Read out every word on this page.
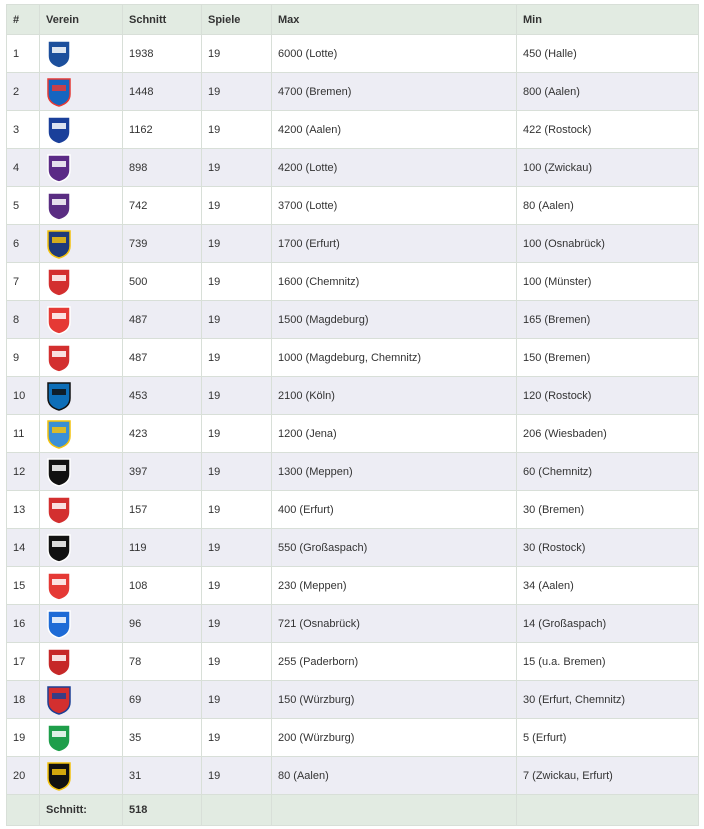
#	Verein	Schnitt	Spiele	Max	Min
1		1938	19	6000 (Lotte)	450 (Halle)
2		1448	19	4700 (Bremen)	800 (Aalen)
3		1162	19	4200 (Aalen)	422 (Rostock)
4		898	19	4200 (Lotte)	100 (Zwickau)
5		742	19	3700 (Lotte)	80 (Aalen)
6		739	19	1700 (Erfurt)	100 (Osnabrück)
7		500	19	1600 (Chemnitz)	100 (Münster)
8		487	19	1500 (Magdeburg)	165 (Bremen)
9		487	19	1000 (Magdeburg, Chemnitz)	150 (Bremen)
10		453	19	2100 (Köln)	120 (Rostock)
11		423	19	1200 (Jena)	206 (Wiesbaden)
12		397	19	1300 (Meppen)	60 (Chemnitz)
13		157	19	400 (Erfurt)	30 (Bremen)
14		119	19	550 (Großaspach)	30 (Rostock)
15		108	19	230 (Meppen)	34 (Aalen)
16		96	19	721 (Osnabrück)	14 (Großaspach)
17		78	19	255 (Paderborn)	15 (u.a. Bremen)
18		69	19	150 (Würzburg)	30 (Erfurt, Chemnitz)
19		35	19	200 (Würzburg)	5 (Erfurt)
20		31	19	80 (Aalen)	7 (Zwickau, Erfurt)
	Schnitt:	518			
